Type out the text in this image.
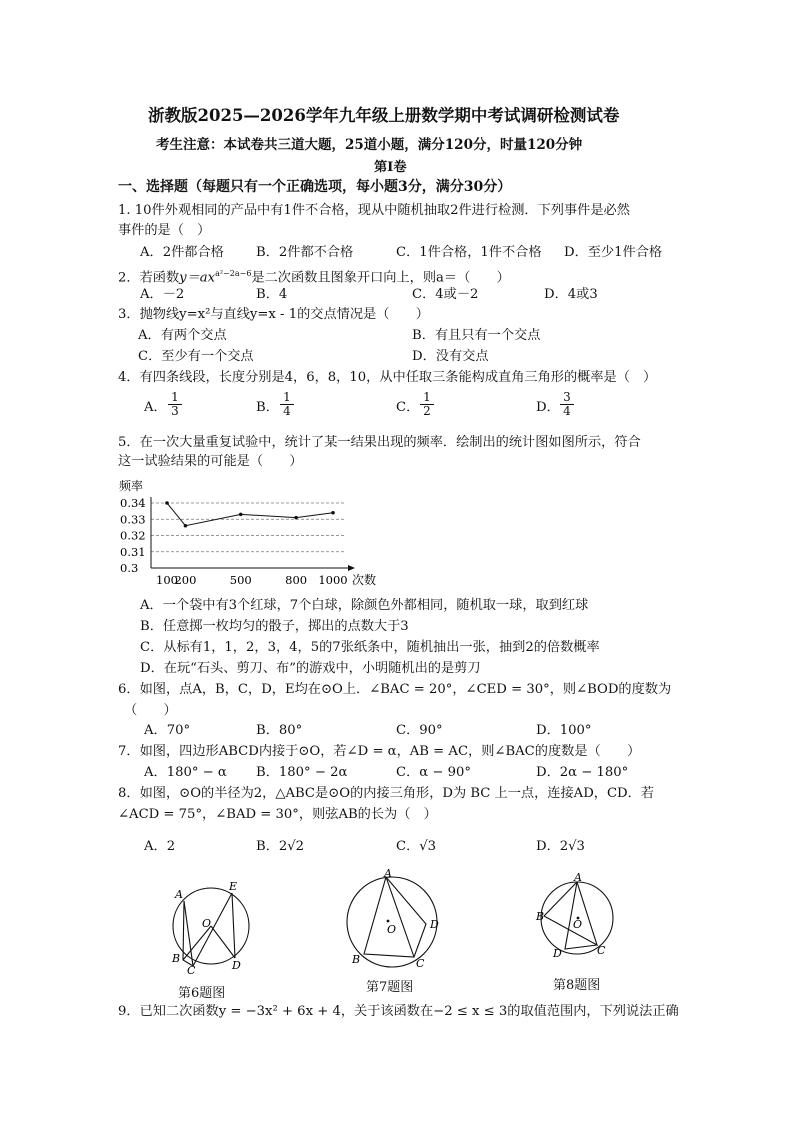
浙教版2025—2026学年九年级上册数学期中考试调研检测试卷
考生注意：本试卷共三道大题，25道小题，满分120分，时量120分钟
第Ⅰ卷
一、选择题（每题只有一个正确选项，每小题3分，满分30分）
1. 10件外观相同的产品中有1件不合格，现从中随机抽取2件进行检测．下列事件是必然
事件的是（　）
A．2件都合格 B．2件都不合格	C．1件合格，1件不合格 D．至少1件合格
2．若函数$y=ax^{a^2-2a-6}$是二次函数且图象开口向上，则a＝（　　）
A．－2	B．4	C．4或－2	D．4或3
3．抛物线y=x²与直线y=x - 1的交点情况是（　　）
A．有两个交点	B．有且只有一个交点
C．至少有一个交点	D．没有交点
4．有四条线段，长度分别是4，6，8，10，从中任取三条能构成直角三角形的概率是（　）
A． $\frac{1}{3}$	B． $\frac{1}{4}$	C． $\frac{1}{2}$	D． $\frac{3}{4}$
5．在一次大量重复试验中，统计了某一结果出现的频率．绘制出的统计图如图所示，符合
这一试验结果的可能是（　　）
0.34
0.33
0.32
0.31
0.3
100
200	500	800 1000
频率
次数
A．一个袋中有3个红球，7个白球，除颜色外都相同，随机取一球，取到红球
B．任意掷一枚均匀的骰子，掷出的点数大于3
C．从标有1，1，2，3，4，5的7张纸条中，随机抽出一张，抽到2的倍数概率
D．在玩“石头、剪刀、布”的游戏中，小明随机出的是剪刀
6．如图，点A，B，C，D，E均在⊙O上．∠BAC = 20°，∠CED = 30°，则∠BOD的度数为
（　　）
A．70°	B．80°	C．90°	D．100°
7．如图，四边形ABCD内接于⊙O，若∠D = α，AB = AC，则∠BAC的度数是（　　）
A．180° − α B．180° − 2α	C．α − 90°	D．2α − 180°
8．如图，⊙O的半径为2，△ABC是⊙O的内接三角形，D为 BC 上一点，连接AD，CD．若
∠ACD = 75°，∠BAD = 30°，则弦AB的长为（　）
A．2	B．2√2	C．√3	D．2√3
A
E
O
B
C	D
第6题图
A
O	D
B	C
第7题图
A
B
O
D	C
第8题图
9．已知二次函数y = −3x² + 6x + 4，关于该函数在−2 ≤ x ≤ 3的取值范围内，下列说法正确
